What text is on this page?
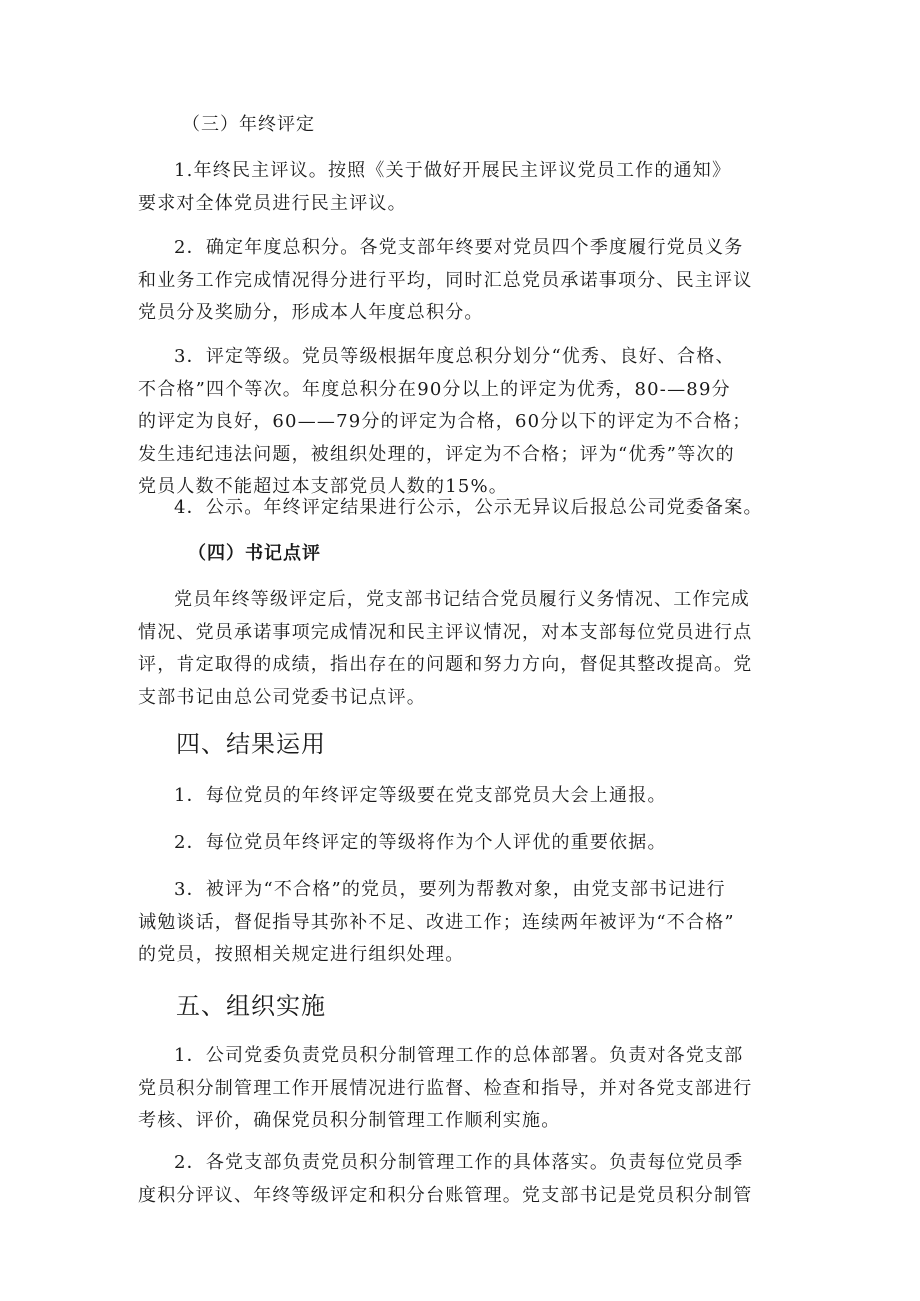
（三）年终评定
1.年终民主评议。按照《关于做好开展民主评议党员工作的通知》
要求对全体党员进行民主评议。
2．确定年度总积分。各党支部年终要对党员四个季度履行党员义务
和业务工作完成情况得分进行平均，同时汇总党员承诺事项分、民主评议
党员分及奖励分，形成本人年度总积分。
3．评定等级。党员等级根据年度总积分划分“优秀、良好、合格、
不合格”四个等次。年度总积分在90分以上的评定为优秀，80-—89分
的评定为良好，60——79分的评定为合格，60分以下的评定为不合格；
发生违纪违法问题，被组织处理的，评定为不合格；评为“优秀”等次的
党员人数不能超过本支部党员人数的15%。
4．公示。年终评定结果进行公示，公示无异议后报总公司党委备案。
（四）书记点评
党员年终等级评定后，党支部书记结合党员履行义务情况、工作完成
情况、党员承诺事项完成情况和民主评议情况，对本支部每位党员进行点
评，肯定取得的成绩，指出存在的问题和努力方向，督促其整改提高。党
支部书记由总公司党委书记点评。
四、结果运用
1．每位党员的年终评定等级要在党支部党员大会上通报。
2．每位党员年终评定的等级将作为个人评优的重要依据。
3．被评为“不合格”的党员，要列为帮教对象，由党支部书记进行
诫勉谈话，督促指导其弥补不足、改进工作；连续两年被评为“不合格”
的党员，按照相关规定进行组织处理。
五、组织实施
1．公司党委负责党员积分制管理工作的总体部署。负责对各党支部
党员积分制管理工作开展情况进行监督、检查和指导，并对各党支部进行
考核、评价，确保党员积分制管理工作顺利实施。
2．各党支部负责党员积分制管理工作的具体落实。负责每位党员季
度积分评议、年终等级评定和积分台账管理。党支部书记是党员积分制管
